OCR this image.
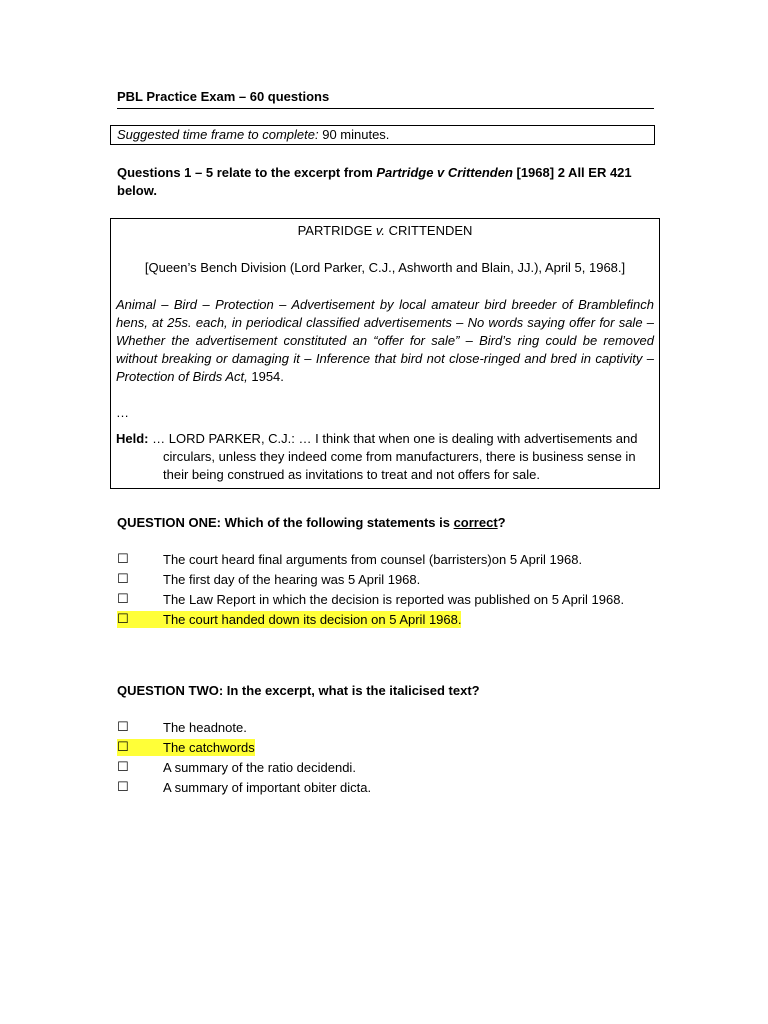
PBL Practice Exam – 60 questions
Suggested time frame to complete: 90 minutes.
Questions 1 – 5 relate to the excerpt from Partridge v Crittenden [1968] 2 All ER 421 below.
PARTRIDGE v. CRITTENDEN
[Queen’s Bench Division (Lord Parker, C.J., Ashworth and Blain, JJ.), April 5, 1968.]
Animal – Bird – Protection – Advertisement by local amateur bird breeder of Bramblefinch hens, at 25s. each, in periodical classified advertisements – No words saying offer for sale – Whether the advertisement constituted an “offer for sale” – Bird’s ring could be removed without breaking or damaging it – Inference that bird not close-ringed and bred in captivity – Protection of Birds Act, 1954.
…
Held: … LORD PARKER, C.J.: … I think that when one is dealing with advertisements and circulars, unless they indeed come from manufacturers, there is business sense in their being construed as invitations to treat and not offers for sale.
QUESTION ONE: Which of the following statements is correct?
☐	The court heard final arguments from counsel (barristers)on 5 April 1968.
☐	The first day of the hearing was 5 April 1968.
☐	The Law Report in which the decision is reported was published on 5 April 1968.
☐	The court handed down its decision on 5 April 1968.
QUESTION TWO: In the excerpt, what is the italicised text?
☐	The headnote.
☐	The catchwords
☐	A summary of the ratio decidendi.
☐	A summary of important obiter dicta.
